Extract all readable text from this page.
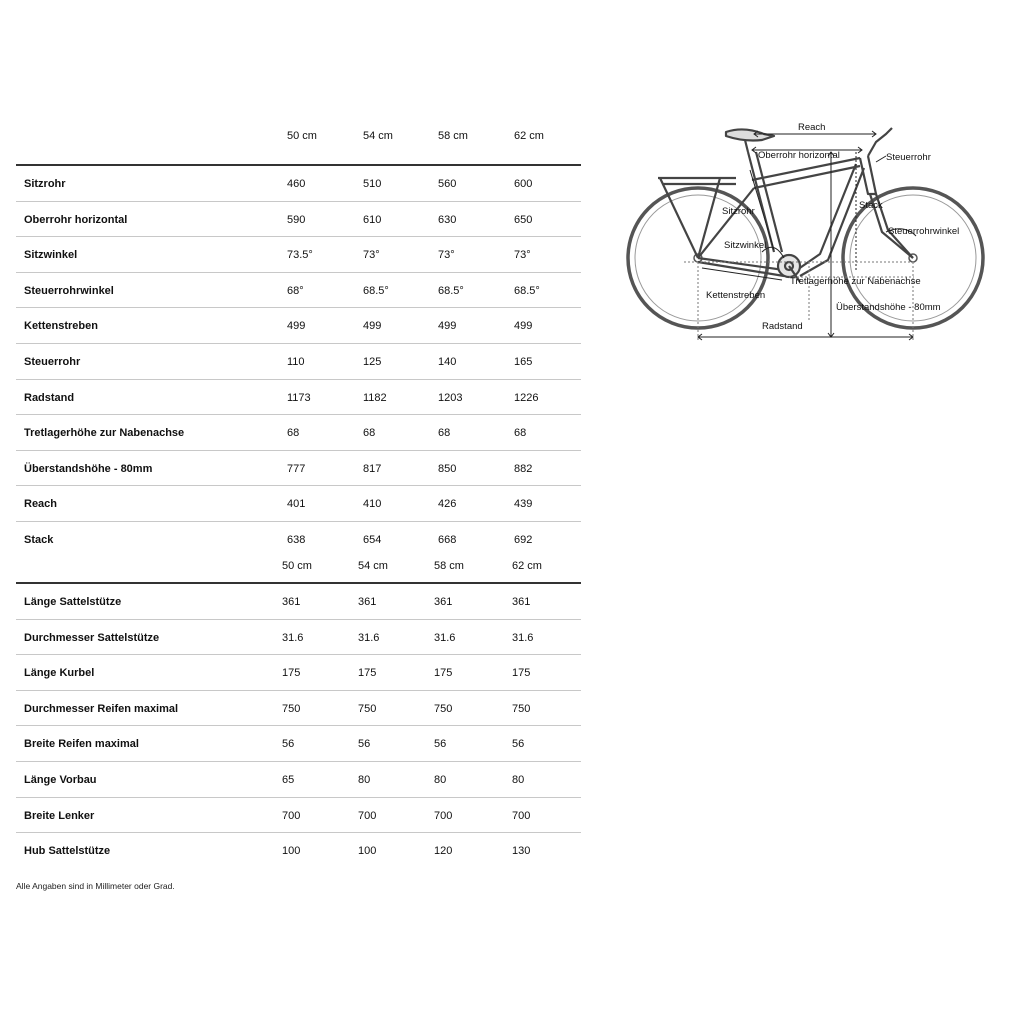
50 cm	54 cm	58 cm	62 cm
Sitzrohr	460	510	560	600
Oberrohr horizontal	590	610	630	650
Sitzwinkel	73.5°	73°	73°	73°
Steuerrohrwinkel	68°	68.5°	68.5°	68.5°
Kettenstreben	499	499	499	499
Steuerrohr	110	125	140	165
Radstand	1173	1182	1203	1226
Tretlagerhöhe zur Nabenachse	68	68	68	68
Überstandshöhe - 80mm	777	817	850	882
Reach	401	410	426	439
Stack	638	654	668	692
50 cm	54 cm	58 cm	62 cm
Länge Sattelstütze	361	361	361	361
Durchmesser Sattelstütze	31.6	31.6	31.6	31.6
Länge Kurbel	175	175	175	175
Durchmesser Reifen maximal	750	750	750	750
Breite Reifen maximal	56	56	56	56
Länge Vorbau	65	80	80	80
Breite Lenker	700	700	700	700
Hub Sattelstütze	100	100	120	130
Alle Angaben sind in Millimeter oder Grad.
Reach
Oberrohr horizontal	Steuerrohr
Sitzrohr
Stack
Steuerrohrwinkel
Sitzwinkel
Tretlagerhöhe zur Nabenachse
Kettenstreben
Überstandshöhe - 80mm
Radstand
